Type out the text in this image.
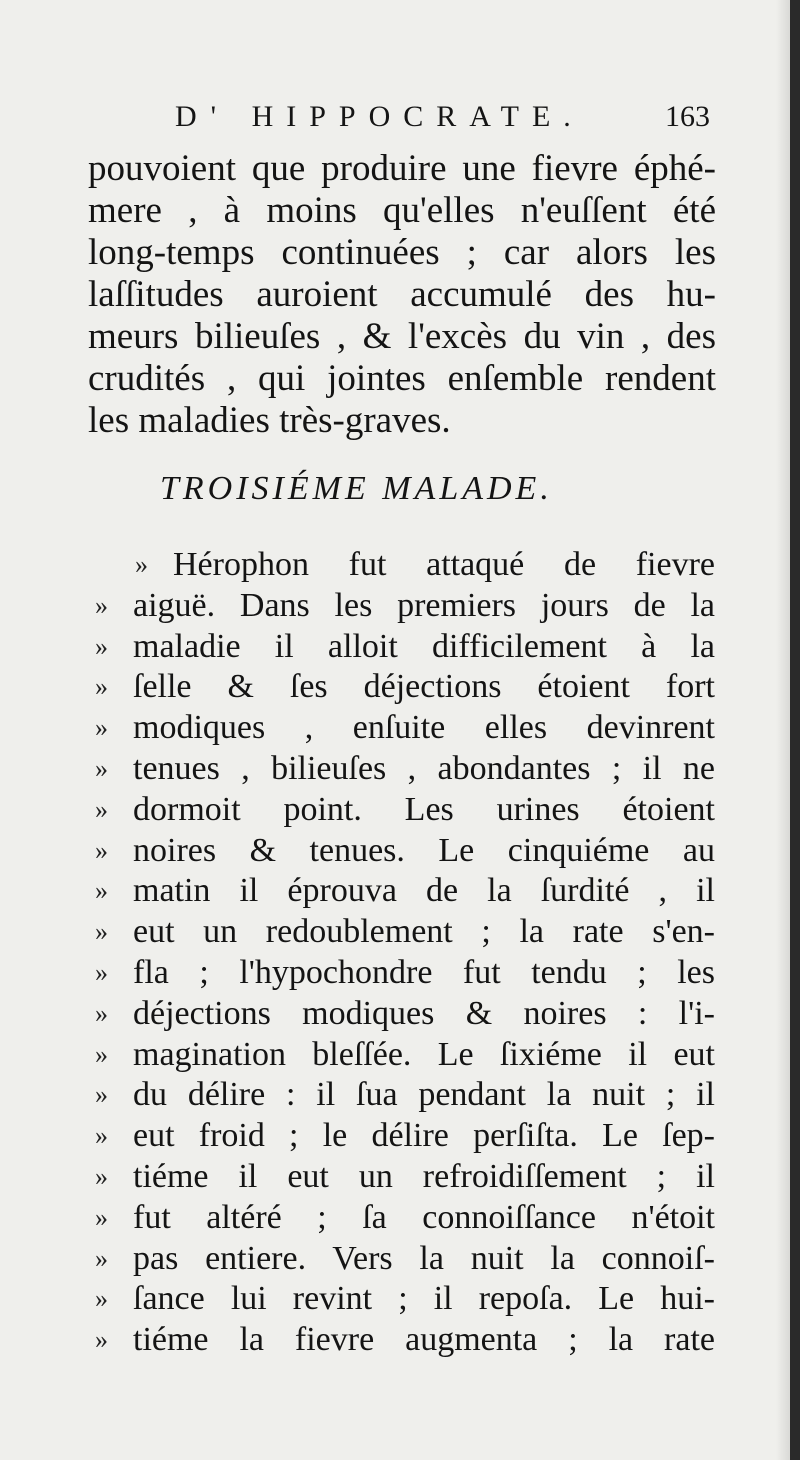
D' HIPPOCRATE.	163
pouvoient que produire une fievre éphé-
mere , à moins qu'elles n'euſſent été
long-temps continuées ; car alors les
laſſitudes auroient accumulé des hu-
meurs bilieuſes , & l'excès du vin , des
crudités , qui jointes enſemble rendent
les maladies très-graves.
TROISIÉME MALADE.
» Hérophon fut attaqué de fievre
» aiguë. Dans les premiers jours de la
» maladie il alloit difficilement à la
» ſelle & ſes déjections étoient fort
» modiques , enſuite elles devinrent
» tenues , bilieuſes , abondantes ; il ne
» dormoit point. Les urines étoient
» noires & tenues. Le cinquiéme au
» matin il éprouva de la ſurdité , il
» eut un redoublement ; la rate s'en-
» fla ; l'hypochondre fut tendu ; les
» déjections modiques & noires : l'i-
» magination bleſſée. Le ſixiéme il eut
» du délire : il ſua pendant la nuit ; il
» eut froid ; le délire perſiſta. Le ſep-
» tiéme il eut un refroidiſſement ; il
» fut altéré ; ſa connoiſſance n'étoit
» pas entiere. Vers la nuit la connoiſ-
» ſance lui revint ; il repoſa. Le hui-
» tiéme la fievre augmenta ; la rate
